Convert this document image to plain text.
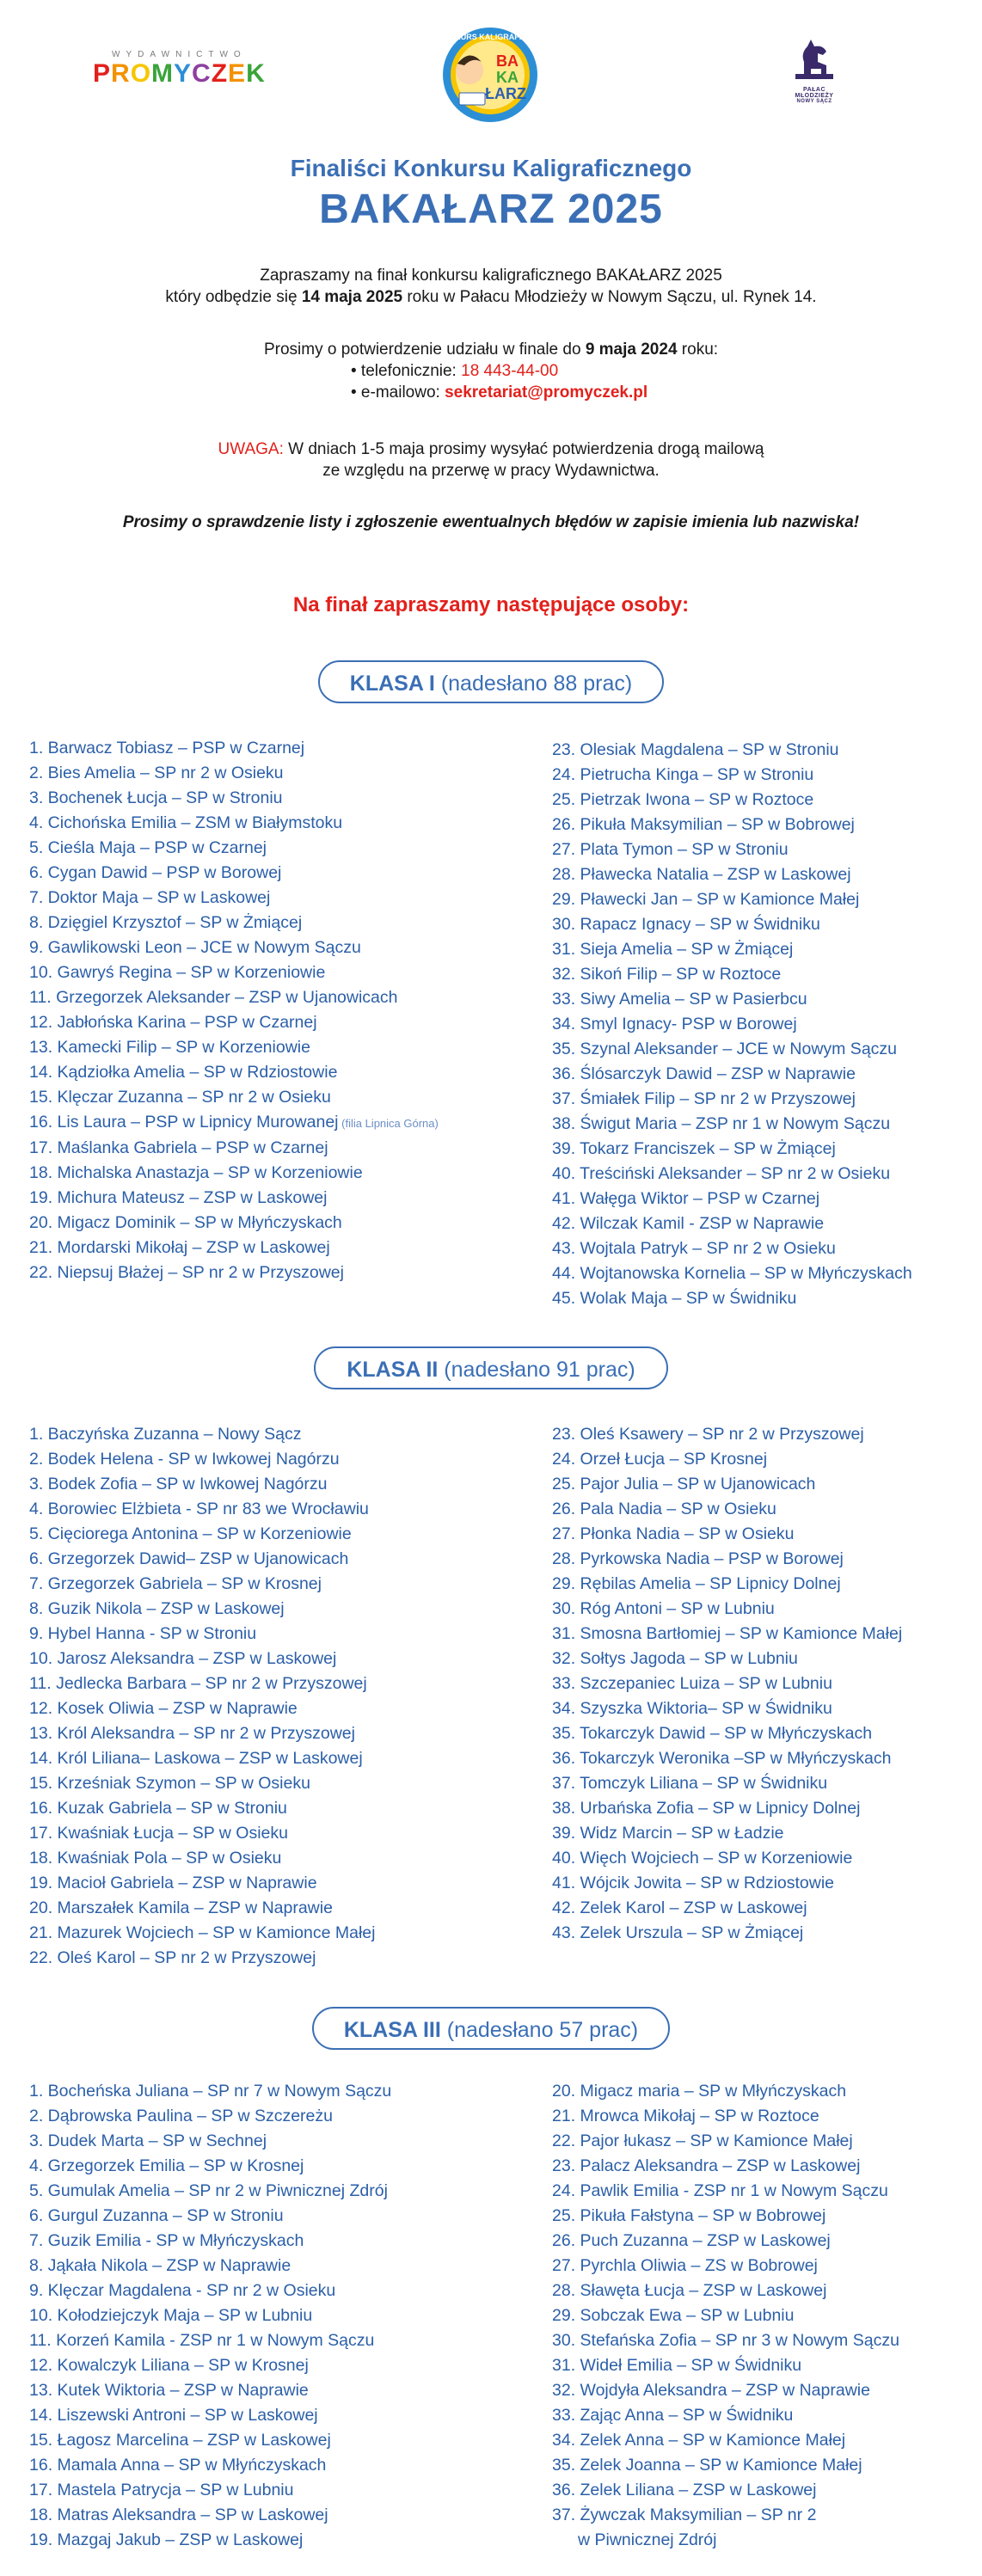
WYDAWNICTWO
PROMYCZEK
KONKURS KALIGRAFICZNY
BA
KA
ŁARZ	PAŁAC MŁODZIEŻY
NOWY SĄCZ
Finaliści Konkursu Kaligraficznego
BAKAŁARZ 2025
Zapraszamy na finał konkursu kaligraficznego BAKAŁARZ 2025
który odbędzie się 14 maja 2025 roku w Pałacu Młodzieży w Nowym Sączu, ul. Rynek 14.
Prosimy o potwierdzenie udziału w finale do 9 maja 2024 roku:
• telefonicznie: 18 443-44-00
• e-mailowo: sekretariat@promyczek.pl
UWAGA: W dniach 1-5 maja prosimy wysyłać potwierdzenia drogą mailową
ze względu na przerwę w pracy Wydawnictwa.
Prosimy o sprawdzenie listy i zgłoszenie ewentualnych błędów w zapisie imienia lub nazwiska!
Na finał zapraszamy następujące osoby:
KLASA I (nadesłano 88 prac)
1. Barwacz Tobiasz – PSP w Czarnej
2. Bies Amelia – SP nr 2 w Osieku
3. Bochenek Łucja – SP w Stroniu
4. Cichońska Emilia – ZSM w Białymstoku
5. Cieśla Maja – PSP w Czarnej
6. Cygan Dawid – PSP w Borowej
7. Doktor Maja – SP w Laskowej
8. Dzięgiel Krzysztof – SP w Żmiącej
9. Gawlikowski Leon – JCE w Nowym Sączu
10. Gawryś Regina – SP w Korzeniowie
11. Grzegorzek Aleksander – ZSP w Ujanowicach
12. Jabłońska Karina – PSP w Czarnej
13. Kamecki Filip – SP w Korzeniowie
14. Kądziołka Amelia – SP w Rdziostowie
15. Klęczar Zuzanna – SP nr 2 w Osieku
16. Lis Laura – PSP w Lipnicy Murowanej (filia Lipnica Górna)
17. Maślanka Gabriela – PSP w Czarnej
18. Michalska Anastazja – SP w Korzeniowie
19. Michura Mateusz – ZSP w Laskowej
20. Migacz Dominik – SP w Młyńczyskach
21. Mordarski Mikołaj – ZSP w Laskowej
22. Niepsuj Błażej – SP nr 2 w Przyszowej
23. Olesiak Magdalena – SP w Stroniu
24. Pietrucha Kinga – SP w Stroniu
25. Pietrzak Iwona – SP w Roztoce
26. Pikuła Maksymilian – SP w Bobrowej
27. Plata Tymon – SP w Stroniu
28. Pławecka Natalia – ZSP w Laskowej
29. Pławecki Jan – SP w Kamionce Małej
30. Rapacz Ignacy – SP w Świdniku
31. Sieja Amelia – SP w Żmiącej
32. Sikoń Filip – SP w Roztoce
33. Siwy Amelia – SP w Pasierbcu
34. Smyl Ignacy- PSP w Borowej
35. Szynal Aleksander – JCE w Nowym Sączu
36. Ślósarczyk Dawid – ZSP w Naprawie
37. Śmiałek Filip – SP nr 2 w Przyszowej
38. Świgut Maria – ZSP nr 1 w Nowym Sączu
39. Tokarz Franciszek – SP w Żmiącej
40. Treściński Aleksander – SP nr 2 w Osieku
41. Wałęga Wiktor – PSP w Czarnej
42. Wilczak Kamil - ZSP w Naprawie
43. Wojtala Patryk – SP nr 2 w Osieku
44. Wojtanowska Kornelia – SP w Młyńczyskach
45. Wolak Maja – SP w Świdniku
KLASA II (nadesłano 91 prac)
1. Baczyńska Zuzanna – Nowy Sącz
2. Bodek Helena - SP w Iwkowej Nagórzu
3. Bodek Zofia – SP w Iwkowej Nagórzu
4. Borowiec Elżbieta - SP nr 83 we Wrocławiu
5. Cięciorega Antonina – SP w Korzeniowie
6. Grzegorzek Dawid– ZSP w Ujanowicach
7. Grzegorzek Gabriela – SP w Krosnej
8. Guzik Nikola – ZSP w Laskowej
9. Hybel Hanna - SP w Stroniu
10. Jarosz Aleksandra – ZSP w Laskowej
11. Jedlecka Barbara – SP nr 2 w Przyszowej
12. Kosek Oliwia – ZSP w Naprawie
13. Król Aleksandra – SP nr 2 w Przyszowej
14. Król Liliana– Laskowa – ZSP w Laskowej
15. Krześniak Szymon – SP w Osieku
16. Kuzak Gabriela – SP w Stroniu
17. Kwaśniak Łucja – SP w Osieku
18. Kwaśniak Pola – SP w Osieku
19. Macioł Gabriela – ZSP w Naprawie
20. Marszałek Kamila – ZSP w Naprawie
21. Mazurek Wojciech – SP w Kamionce Małej
22. Oleś Karol – SP nr 2 w Przyszowej
23. Oleś Ksawery – SP nr 2 w Przyszowej
24. Orzeł Łucja – SP Krosnej
25. Pajor Julia – SP w Ujanowicach
26. Pala Nadia – SP w Osieku
27. Płonka Nadia – SP w Osieku
28. Pyrkowska Nadia – PSP w Borowej
29. Rębilas Amelia – SP Lipnicy Dolnej
30. Róg Antoni – SP w Lubniu
31. Smosna Bartłomiej – SP w Kamionce Małej
32. Sołtys Jagoda – SP w Lubniu
33. Szczepaniec Luiza – SP w Lubniu
34. Szyszka Wiktoria– SP w Świdniku
35. Tokarczyk Dawid – SP w Młyńczyskach
36. Tokarczyk Weronika –SP w Młyńczyskach
37. Tomczyk Liliana – SP w Świdniku
38. Urbańska Zofia – SP w Lipnicy Dolnej
39. Widz Marcin – SP w Ładzie
40. Więch Wojciech – SP w Korzeniowie
41. Wójcik Jowita – SP w Rdziostowie
42. Zelek Karol – ZSP w Laskowej
43. Zelek Urszula – SP w Żmiącej
KLASA III (nadesłano 57 prac)
1. Bocheńska Juliana – SP nr 7 w Nowym Sączu
2. Dąbrowska Paulina – SP w Szczereżu
3. Dudek Marta – SP w Sechnej
4. Grzegorzek Emilia – SP w Krosnej
5. Gumulak Amelia – SP nr 2 w Piwnicznej Zdrój
6. Gurgul Zuzanna – SP w Stroniu
7. Guzik Emilia - SP w Młyńczyskach
8. Jąkała Nikola – ZSP w Naprawie
9. Klęczar Magdalena - SP nr 2 w Osieku
10. Kołodziejczyk Maja – SP w Lubniu
11. Korzeń Kamila - ZSP nr 1 w Nowym Sączu
12. Kowalczyk Liliana – SP w Krosnej
13. Kutek Wiktoria – ZSP w Naprawie
14. Liszewski Antroni – SP w Laskowej
15. Łagosz Marcelina – ZSP w Laskowej
16. Mamala Anna – SP w Młyńczyskach
17. Mastela Patrycja – SP w Lubniu
18. Matras Aleksandra – SP w Laskowej
19. Mazgaj Jakub – ZSP w Laskowej
20. Migacz maria – SP w Młyńczyskach
21. Mrowca Mikołaj – SP w Roztoce
22. Pajor łukasz – SP w Kamionce Małej
23. Palacz Aleksandra – ZSP w Laskowej
24. Pawlik Emilia - ZSP nr 1 w Nowym Sączu
25. Pikuła Fałstyna – SP w Bobrowej
26. Puch Zuzanna – ZSP w Laskowej
27. Pyrchla Oliwia – ZS w Bobrowej
28. Sławęta Łucja – ZSP w Laskowej
29. Sobczak Ewa – SP w Lubniu
30. Stefańska Zofia – SP nr 3 w Nowym Sączu
31. Wideł Emilia – SP w Świdniku
32. Wojdyła Aleksandra – ZSP w Naprawie
33. Zając Anna – SP w Świdniku
34. Zelek Anna – SP w Kamionce Małej
35. Zelek Joanna – SP w Kamionce Małej
36. Zelek Liliana – ZSP w Laskowej
37. Żywczak Maksymilian – SP nr 2
w Piwnicznej Zdrój
